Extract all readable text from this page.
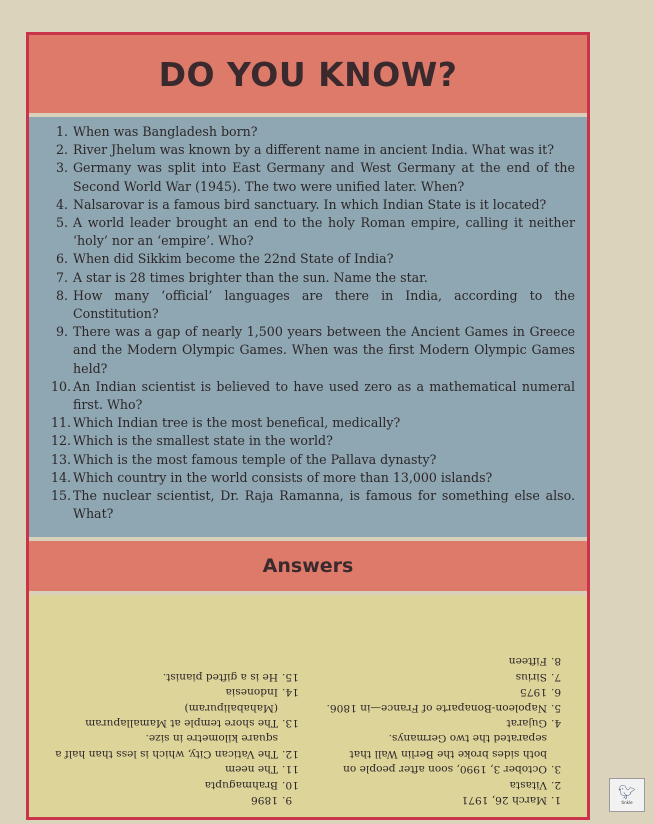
DO YOU KNOW?
1. When was Bangladesh born?
2. River Jhelum was known by a different name in ancient India. What was it?
3. Germany was split into East Germany and West Germany at the end of the Second World War (1945). The two were unified later. When?
4. Nalsarovar is a famous bird sanctuary. In which Indian State is it located?
5. A world leader brought an end to the holy Roman empire, calling it neither ‘holy’ nor an ‘empire’. Who?
6. When did Sikkim become the 22nd State of India?
7. A star is 28 times brighter than the sun. Name the star.
8. How many ‘official’ languages are there in India, according to the Constitution?
9. There was a gap of nearly 1,500 years between the Ancient Games in Greece and the Modern Olympic Games. When was the first Modern Olympic Games held?
10. An Indian scientist is believed to have used zero as a mathematical numeral first. Who?
11. Which Indian tree is the most benefical, medically?
12. Which is the smallest state in the world?
13. Which is the most famous temple of the Pallava dynasty?
14. Which country in the world consists of more than 13,000 islands?
15. The nuclear scientist, Dr. Raja Ramanna, is famous for something else also. What?
Answers
1.
March 26, 1971
2.
Vitasta
3.
October 3, 1990, soon after people on both sides broke the Berlin Wall that separated the two Germanys.
4.
Gujarat
5.
Napoleon-Bonaparte of France—in 1806.
6.
1975
7.
Sirius
8.
Fifteen
9.
1896
10.
Brahmagupta
11.
The neem
12.
The Vatican City, which is less than half a square kilometre in size.
13.
The shore temple at Mamallapuram (Mahabalipuram)
14.
Indonesia
15.
He is a gifted pianist.
🐦︎
tinkle
